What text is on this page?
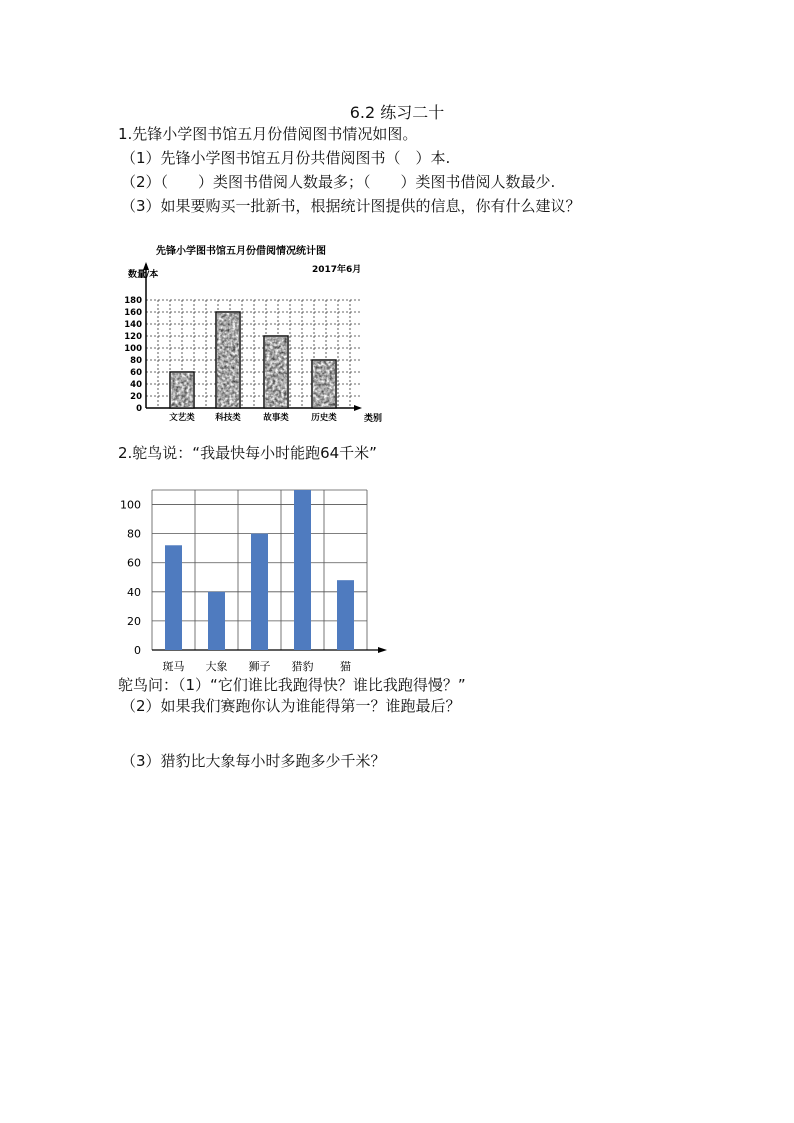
6.2 练习二十
1.先锋小学图书馆五月份借阅图书情况如图。
（1）先锋小学图书馆五月份共借阅图书（　）本.
（2）（　　）类图书借阅人数最多；（　　）类图书借阅人数最少.
（3）如果要购买一批新书，根据统计图提供的信息，你有什么建议？
先锋小学图书馆五月份借阅情况统计图
2017年6月
数量/本
0
20
40
60
80
100
120
140
160
180
文艺类 科技类	故事类	历史类	类别
2.鸵鸟说：“我最快每小时能跑64千米”
0
20
40
60
80
100
斑马 大象 狮子 猎豹 猫
鸵鸟问：（1）“它们谁比我跑得快？谁比我跑得慢？”
（2）如果我们赛跑你认为谁能得第一？谁跑最后？
（3）猎豹比大象每小时多跑多少千米？
